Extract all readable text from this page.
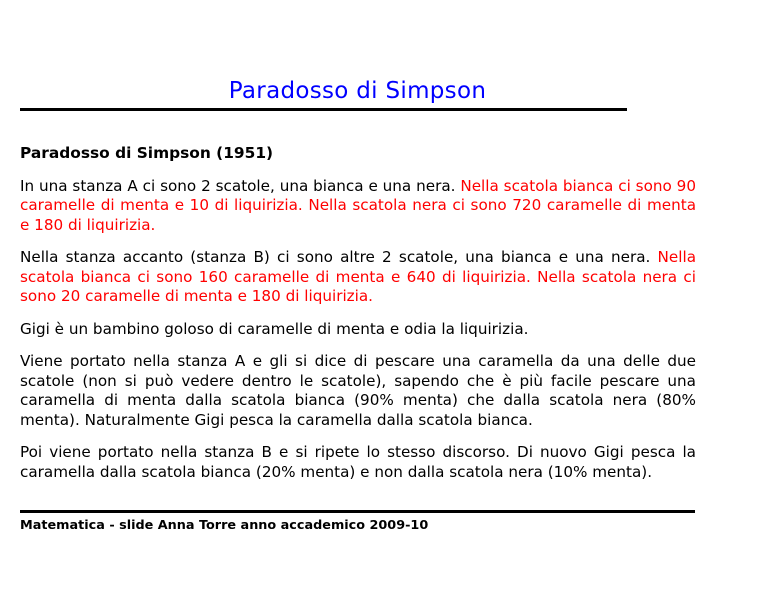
Paradosso di Simpson
Paradosso di Simpson (1951)

In una stanza A ci sono 2 scatole, una bianca e una nera. Nella scatola bianca ci sono 90 caramelle di menta e 10 di liquirizia. Nella scatola nera ci sono 720 caramelle di menta e 180 di liquirizia.

Nella stanza accanto (stanza B) ci sono altre 2 scatole, una bianca e una nera. Nella scatola bianca ci sono 160 caramelle di menta e 640 di liquirizia. Nella scatola nera ci sono 20 caramelle di menta e 180 di liquirizia.

Gigi è un bambino goloso di caramelle di menta e odia la liquirizia.

Viene portato nella stanza A e gli si dice di pescare una caramella da una delle due scatole (non si può vedere dentro le scatole), sapendo che è più facile pescare una caramella di menta dalla scatola bianca (90% menta) che dalla scatola nera (80% menta). Naturalmente Gigi pesca la caramella dalla scatola bianca.

Poi viene portato nella stanza B e si ripete lo stesso discorso. Di nuovo Gigi pesca la caramella dalla scatola bianca (20% menta) e non dalla scatola nera (10% menta).

Matematica - slide Anna Torre anno accademico 2009-10
